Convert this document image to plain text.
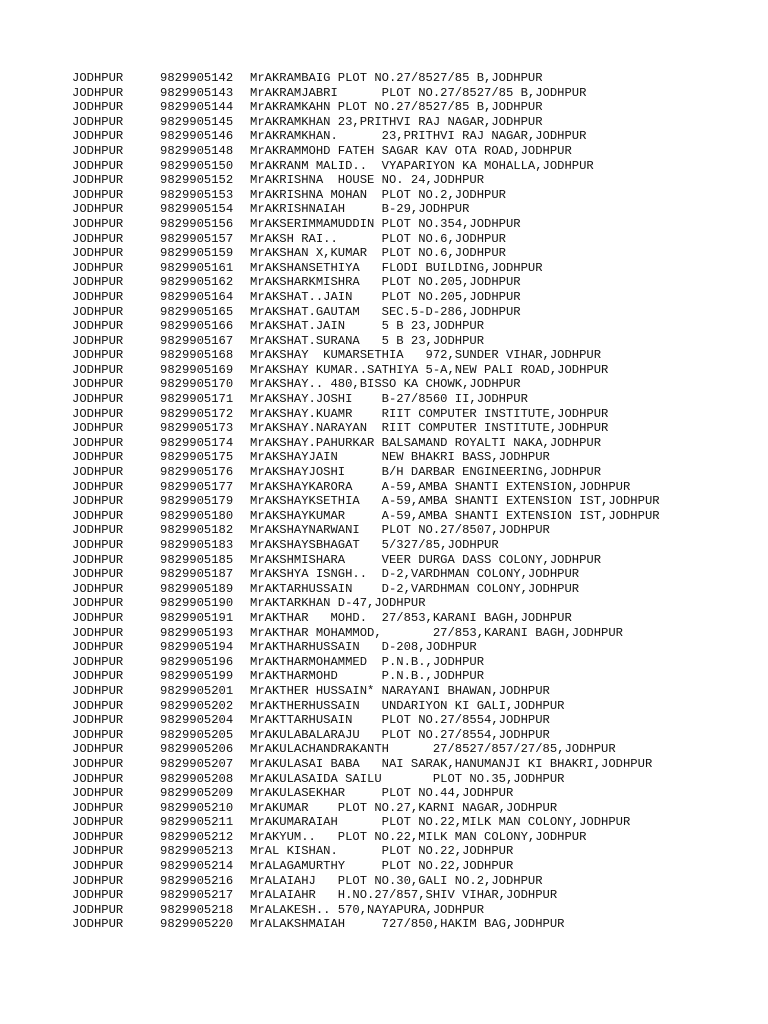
JODHPUR	9829905142 MrAKRAMBAIG PLOT NO.27/8527/85 B,JODHPUR
JODHPUR	9829905143 MrAKRAMJABRI      PLOT NO.27/8527/85 B,JODHPUR
JODHPUR	9829905144 MrAKRAMKAHN PLOT NO.27/8527/85 B,JODHPUR
JODHPUR	9829905145 MrAKRAMKHAN 23,PRITHVI RAJ NAGAR,JODHPUR
JODHPUR	9829905146 MrAKRAMKHAN.      23,PRITHVI RAJ NAGAR,JODHPUR
JODHPUR	9829905148 MrAKRAMMOHD FATEH SAGAR KAV OTA ROAD,JODHPUR
JODHPUR	9829905150 MrAKRANM MALID..  VYAPARIYON KA MOHALLA,JODHPUR
JODHPUR	9829905152 MrAKRISHNA  HOUSE NO. 24,JODHPUR
JODHPUR	9829905153 MrAKRISHNA MOHAN  PLOT NO.2,JODHPUR
JODHPUR	9829905154 MrAKRISHNAIAH     B-29,JODHPUR
JODHPUR	9829905156 MrAKSERIMMAMUDDIN PLOT NO.354,JODHPUR
JODHPUR	9829905157 MrAKSH RAI..      PLOT NO.6,JODHPUR
JODHPUR	9829905159 MrAKSHAN X,KUMAR  PLOT NO.6,JODHPUR
JODHPUR	9829905161 MrAKSHANSETHIYA   FLODI BUILDING,JODHPUR
JODHPUR	9829905162 MrAKSHARKMISHRA   PLOT NO.205,JODHPUR
JODHPUR	9829905164 MrAKSHAT..JAIN    PLOT NO.205,JODHPUR
JODHPUR	9829905165 MrAKSHAT.GAUTAM   SEC.5-D-286,JODHPUR
JODHPUR	9829905166 MrAKSHAT.JAIN     5 B 23,JODHPUR
JODHPUR	9829905167 MrAKSHAT.SURANA   5 B 23,JODHPUR
JODHPUR	9829905168 MrAKSHAY  KUMARSETHIA   972,SUNDER VIHAR,JODHPUR
JODHPUR	9829905169 MrAKSHAY KUMAR..SATHIYA 5-A,NEW PALI ROAD,JODHPUR
JODHPUR	9829905170 MrAKSHAY.. 480,BISSO KA CHOWK,JODHPUR
JODHPUR	9829905171 MrAKSHAY.JOSHI    B-27/8560 II,JODHPUR
JODHPUR	9829905172 MrAKSHAY.KUAMR    RIIT COMPUTER INSTITUTE,JODHPUR
JODHPUR	9829905173 MrAKSHAY.NARAYAN  RIIT COMPUTER INSTITUTE,JODHPUR
JODHPUR	9829905174 MrAKSHAY.PAHURKAR BALSAMAND ROYALTI NAKA,JODHPUR
JODHPUR	9829905175 MrAKSHAYJAIN      NEW BHAKRI BASS,JODHPUR
JODHPUR	9829905176 MrAKSHAYJOSHI     B/H DARBAR ENGINEERING,JODHPUR
JODHPUR	9829905177 MrAKSHAYKARORA    A-59,AMBA SHANTI EXTENSION,JODHPUR
JODHPUR	9829905179 MrAKSHAYKSETHIA   A-59,AMBA SHANTI EXTENSION IST,JODHPUR
JODHPUR	9829905180 MrAKSHAYKUMAR     A-59,AMBA SHANTI EXTENSION IST,JODHPUR
JODHPUR	9829905182 MrAKSHAYNARWANI   PLOT NO.27/8507,JODHPUR
JODHPUR	9829905183 MrAKSHAYSBHAGAT   5/327/85,JODHPUR
JODHPUR	9829905185 MrAKSHMISHARA     VEER DURGA DASS COLONY,JODHPUR
JODHPUR	9829905187 MrAKSHYA ISNGH..  D-2,VARDHMAN COLONY,JODHPUR
JODHPUR	9829905189 MrAKTARHUSSAIN    D-2,VARDHMAN COLONY,JODHPUR
JODHPUR	9829905190 MrAKTARKHAN D-47,JODHPUR
JODHPUR	9829905191 MrAKTHAR   MOHD.  27/853,KARANI BAGH,JODHPUR
JODHPUR	9829905193 MrAKTHAR MOHAMMOD,       27/853,KARANI BAGH,JODHPUR
JODHPUR	9829905194 MrAKTHARHUSSAIN   D-208,JODHPUR
JODHPUR	9829905196 MrAKTHARMOHAMMED  P.N.B.,JODHPUR
JODHPUR	9829905199 MrAKTHARMOHD      P.N.B.,JODHPUR
JODHPUR	9829905201 MrAKTHER HUSSAIN* NARAYANI BHAWAN,JODHPUR
JODHPUR	9829905202 MrAKTHERHUSSAIN   UNDARIYON KI GALI,JODHPUR
JODHPUR	9829905204 MrAKTTARHUSAIN    PLOT NO.27/8554,JODHPUR
JODHPUR	9829905205 MrAKULABALARAJU   PLOT NO.27/8554,JODHPUR
JODHPUR	9829905206 MrAKULACHANDRAKANTH      27/8527/857/27/85,JODHPUR
JODHPUR	9829905207 MrAKULASAI BABA   NAI SARAK,HANUMANJI KI BHAKRI,JODHPUR
JODHPUR	9829905208 MrAKULASAIDA SAILU       PLOT NO.35,JODHPUR
JODHPUR	9829905209 MrAKULASEKHAR     PLOT NO.44,JODHPUR
JODHPUR	9829905210 MrAKUMAR    PLOT NO.27,KARNI NAGAR,JODHPUR
JODHPUR	9829905211 MrAKUMARAIAH      PLOT NO.22,MILK MAN COLONY,JODHPUR
JODHPUR	9829905212 MrAKYUM..   PLOT NO.22,MILK MAN COLONY,JODHPUR
JODHPUR	9829905213 MrAL KISHAN.      PLOT NO.22,JODHPUR
JODHPUR	9829905214 MrALAGAMURTHY     PLOT NO.22,JODHPUR
JODHPUR	9829905216 MrALAIAHJ   PLOT NO.30,GALI NO.2,JODHPUR
JODHPUR	9829905217 MrALAIAHR   H.NO.27/857,SHIV VIHAR,JODHPUR
JODHPUR	9829905218 MrALAKESH.. 570,NAYAPURA,JODHPUR
JODHPUR	9829905220 MrALAKSHMAIAH     727/850,HAKIM BAG,JODHPUR
